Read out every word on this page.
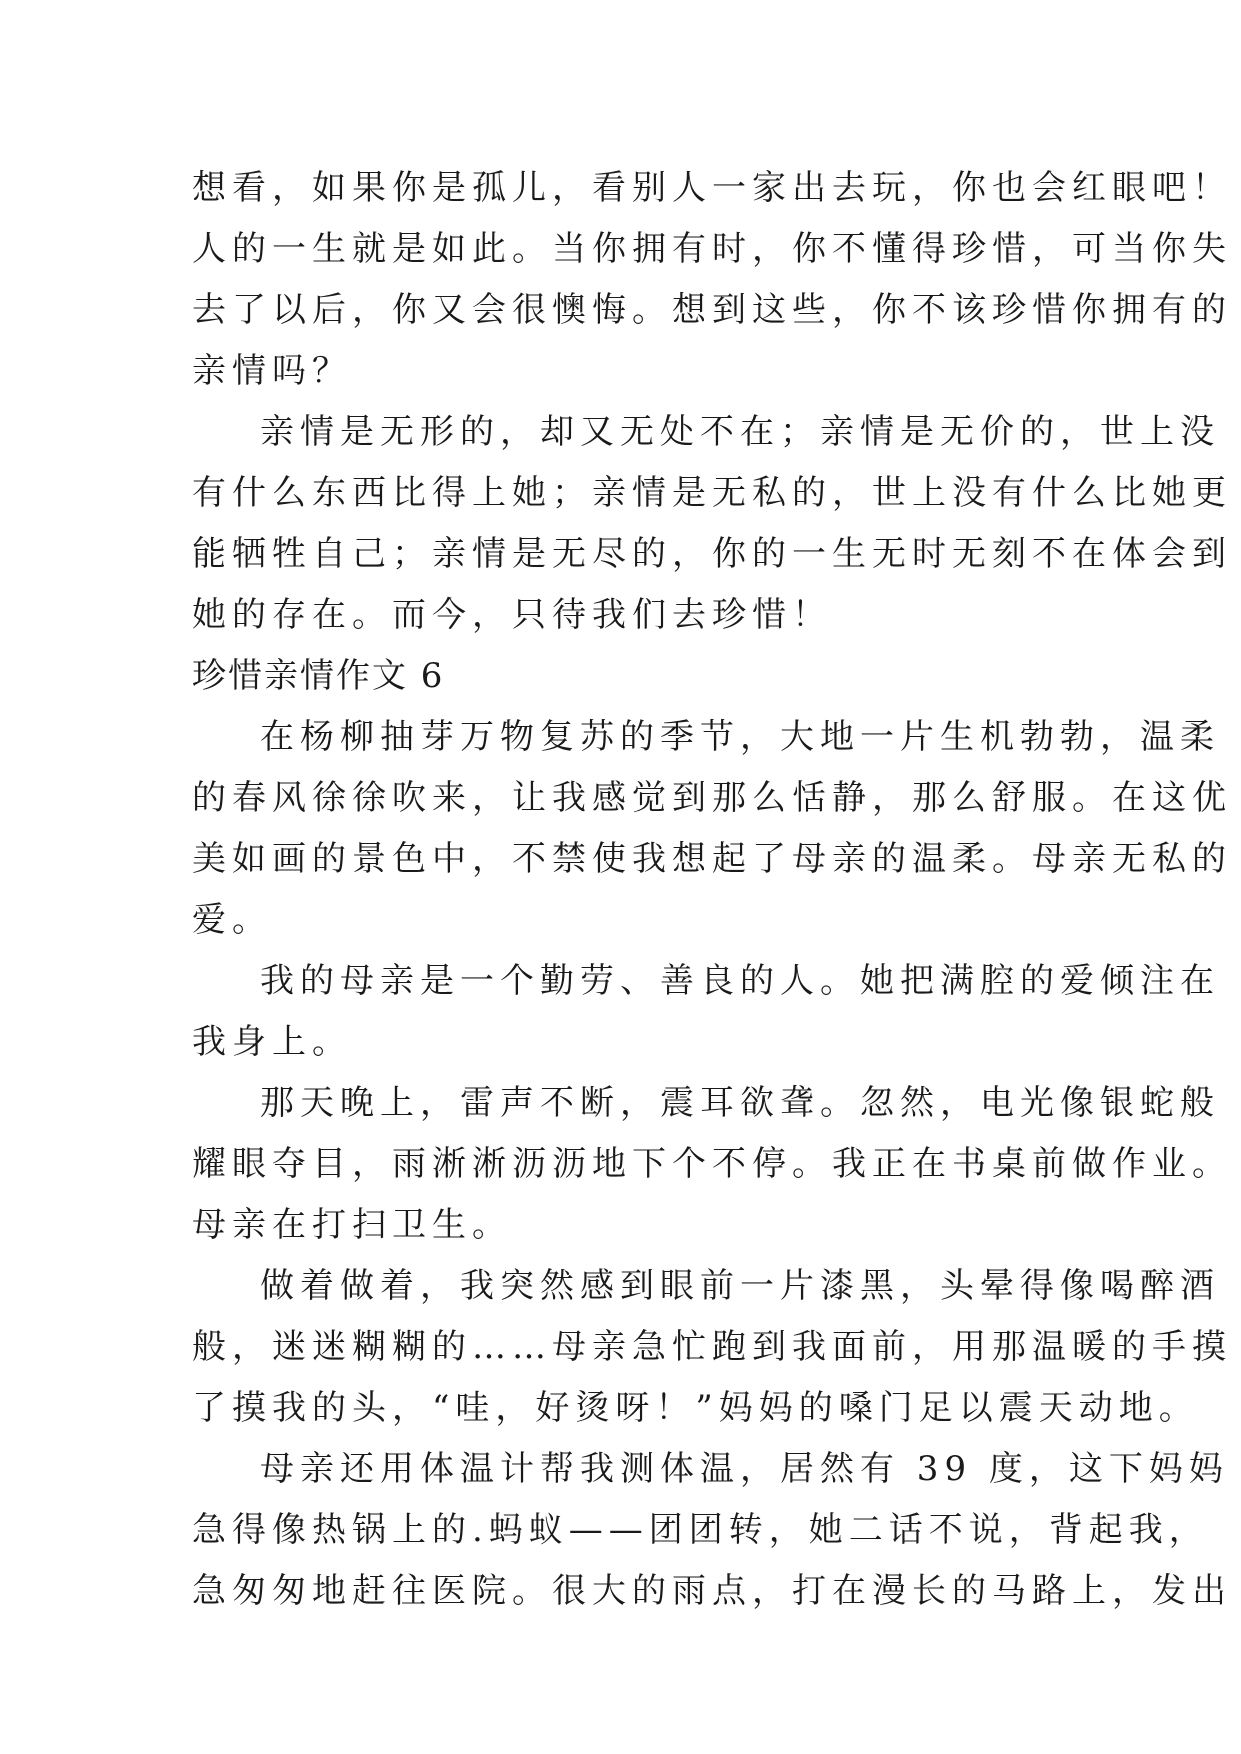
想看，如果你是孤儿，看别人一家出去玩，你也会红眼吧！
人的一生就是如此。当你拥有时，你不懂得珍惜，可当你失
去了以后，你又会很懊悔。想到这些，你不该珍惜你拥有的
亲情吗？
亲情是无形的，却又无处不在；亲情是无价的，世上没
有什么东西比得上她；亲情是无私的，世上没有什么比她更
能牺牲自己；亲情是无尽的，你的一生无时无刻不在体会到
她的存在。而今，只待我们去珍惜！
珍惜亲情作文 6
在杨柳抽芽万物复苏的季节，大地一片生机勃勃，温柔
的春风徐徐吹来，让我感觉到那么恬静，那么舒服。在这优
美如画的景色中，不禁使我想起了母亲的温柔。母亲无私的
爱。
我的母亲是一个勤劳、善良的人。她把满腔的爱倾注在
我身上。
那天晚上，雷声不断，震耳欲聋。忽然，电光像银蛇般
耀眼夺目，雨淅淅沥沥地下个不停。我正在书桌前做作业。
母亲在打扫卫生。
做着做着，我突然感到眼前一片漆黑，头晕得像喝醉酒
般，迷迷糊糊的……母亲急忙跑到我面前，用那温暖的手摸
了摸我的头，“哇，好烫呀！”妈妈的嗓门足以震天动地。
母亲还用体温计帮我测体温，居然有 39 度，这下妈妈
急得像热锅上的.蚂蚁——团团转，她二话不说，背起我，
急匆匆地赶往医院。很大的雨点，打在漫长的马路上，发出
